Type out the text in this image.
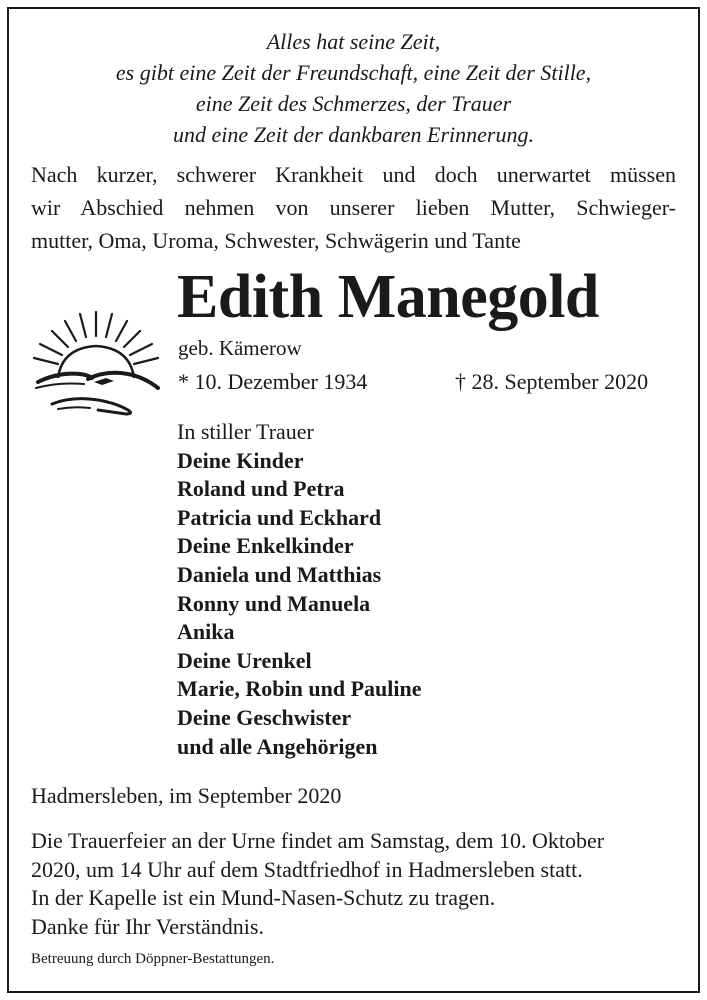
Alles hat seine Zeit,
es gibt eine Zeit der Freundschaft, eine Zeit der Stille,
eine Zeit des Schmerzes, der Trauer
und eine Zeit der dankbaren Erinnerung.
Nach kurzer, schwerer Krankheit und doch unerwartet müssen
wir Abschied nehmen von unserer lieben Mutter, Schwieger-
mutter, Oma, Uroma, Schwester, Schwägerin und Tante
Edith Manegold
geb. Kämerow
* 10. Dezember 1934	† 28. September 2020
In stiller Trauer
Deine Kinder
Roland und Petra
Patricia und Eckhard
Deine Enkelkinder
Daniela und Matthias
Ronny und Manuela
Anika
Deine Urenkel
Marie, Robin und Pauline
Deine Geschwister
und alle Angehörigen
Hadmersleben, im September 2020
Die Trauerfeier an der Urne findet am Samstag, dem 10. Oktober
2020, um 14 Uhr auf dem Stadtfriedhof in Hadmersleben statt.
In der Kapelle ist ein Mund-Nasen-Schutz zu tragen.
Danke für Ihr Verständnis.
Betreuung durch Döppner-Bestattungen.
